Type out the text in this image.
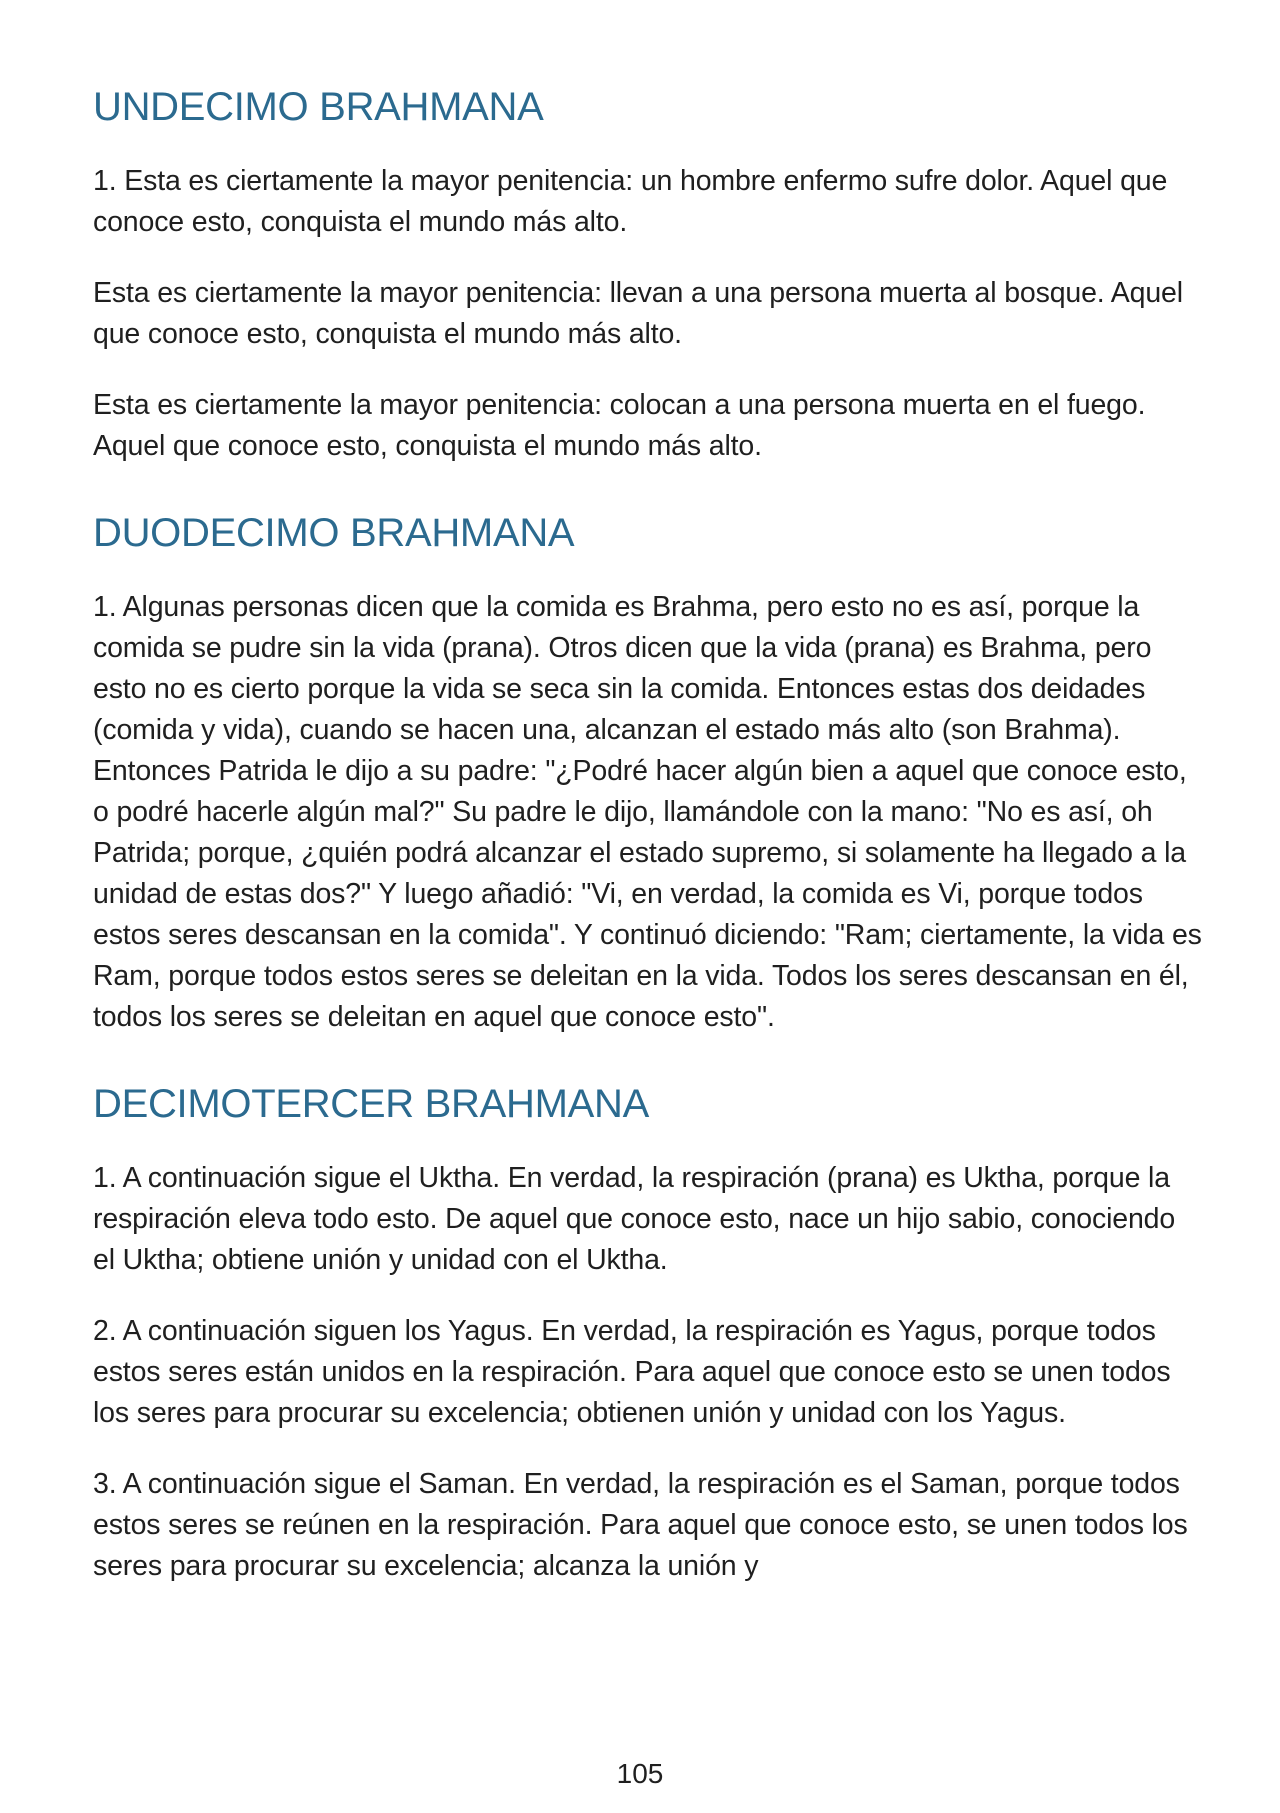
UNDECIMO BRAHMANA

1. Esta es ciertamente la mayor penitencia: un hombre enfermo sufre dolor. Aquel que conoce esto, conquista el mundo más alto.

Esta es ciertamente la mayor penitencia: llevan a una persona muerta al bosque. Aquel que conoce esto, conquista el mundo más alto.

Esta es ciertamente la mayor penitencia: colocan a una persona muerta en el fuego. Aquel que conoce esto, conquista el mundo más alto.

DUODECIMO BRAHMANA

1. Algunas personas dicen que la comida es Brahma, pero esto no es así, porque la comida se pudre sin la vida (prana). Otros dicen que la vida (prana) es Brahma, pero esto no es cierto porque la vida se seca sin la comida. Entonces estas dos deidades (comida y vida), cuando se hacen una, alcanzan el estado más alto (son Brahma). Entonces Patrida le dijo a su padre: "¿Podré hacer algún bien a aquel que conoce esto, o podré hacerle algún mal?" Su padre le dijo, llamándole con la mano: "No es así, oh Patrida; porque, ¿quién podrá alcanzar el estado supremo, si solamente ha llegado a la unidad de estas dos?" Y luego añadió: "Vi, en verdad, la comida es Vi, porque todos estos seres descansan en la comida". Y continuó diciendo: "Ram; ciertamente, la vida es Ram, porque todos estos seres se deleitan en la vida. Todos los seres descansan en él, todos los seres se deleitan en aquel que conoce esto".

DECIMOTERCER BRAHMANA

1. A continuación sigue el Uktha. En verdad, la respiración (prana) es Uktha, porque la respiración eleva todo esto. De aquel que conoce esto, nace un hijo sabio, conociendo el Uktha; obtiene unión y unidad con el Uktha.

2. A continuación siguen los Yagus. En verdad, la respiración es Yagus, porque todos estos seres están unidos en la respiración. Para aquel que conoce esto se unen todos los seres para procurar su excelencia; obtienen unión y unidad con los Yagus.

3. A continuación sigue el Saman. En verdad, la respiración es el Saman, porque todos estos seres se reúnen en la respiración. Para aquel que conoce esto, se unen todos los seres para procurar su excelencia; alcanza la unión y

105
